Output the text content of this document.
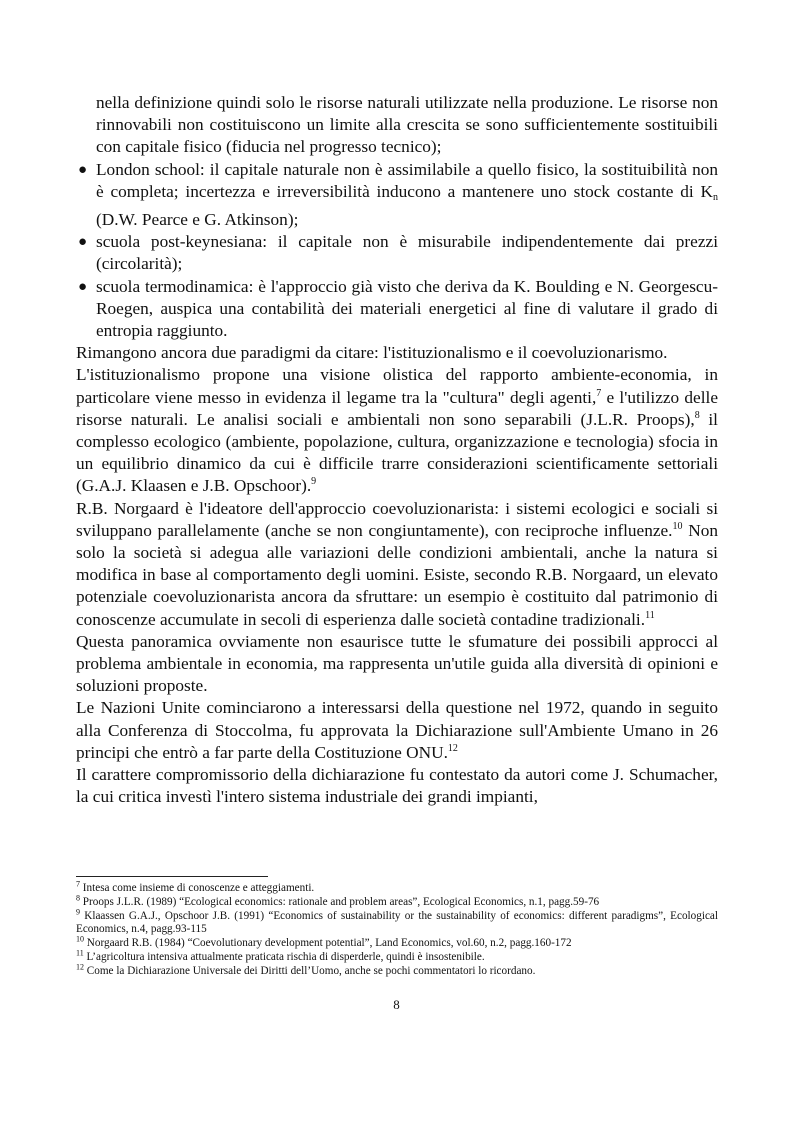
nella definizione quindi solo le risorse naturali utilizzate nella produzione. Le risorse non rinnovabili non costituiscono un limite alla crescita se sono sufficientemente sostituibili con capitale fisico (fiducia nel progresso tecnico);
● London school: il capitale naturale non è assimilabile a quello fisico, la sostituibilità non è completa; incertezza e irreversibilità inducono a mantenere uno stock costante di $K_n$ (D.W. Pearce e G. Atkinson);
● scuola post-keynesiana: il capitale non è misurabile indipendentemente dai prezzi (circolarità);
● scuola termodinamica: è l'approccio già visto che deriva da K. Boulding e N. Georgescu-Roegen, auspica una contabilità dei materiali energetici al fine di valutare il grado di entropia raggiunto.

Rimangono ancora due paradigmi da citare: l'istituzionalismo e il coevoluzionarismo.

L'istituzionalismo propone una visione olistica del rapporto ambiente-economia, in particolare viene messo in evidenza il legame tra la "cultura" degli agenti,$^7$ e l'utilizzo delle risorse naturali. Le analisi sociali e ambientali non sono separabili (J.L.R. Proops),$^8$ il complesso ecologico (ambiente, popolazione, cultura, organizzazione e tecnologia) sfocia in un equilibrio dinamico da cui è difficile trarre considerazioni scientificamente settoriali (G.A.J. Klaasen e J.B. Opschoor).$^9$

R.B. Norgaard è l'ideatore dell'approccio coevoluzionarista: i sistemi ecologici e sociali si sviluppano parallelamente (anche se non congiuntamente), con reciproche influenze.$^{10}$ Non solo la società si adegua alle variazioni delle condizioni ambientali, anche la natura si modifica in base al comportamento degli uomini. Esiste, secondo R.B. Norgaard, un elevato potenziale coevoluzionarista ancora da sfruttare: un esempio è costituito dal patrimonio di conoscenze accumulate in secoli di esperienza dalle società contadine tradizionali.$^{11}$

Questa panoramica ovviamente non esaurisce tutte le sfumature dei possibili approcci al problema ambientale in economia, ma rappresenta un'utile guida alla diversità di opinioni e soluzioni proposte.

Le Nazioni Unite cominciarono a interessarsi della questione nel 1972, quando in seguito alla Conferenza di Stoccolma, fu approvata la Dichiarazione sull'Ambiente Umano in 26 principi che entrò a far parte della Costituzione ONU.$^{12}$

Il carattere compromissorio della dichiarazione fu contestato da autori come J. Schumacher, la cui critica investì l'intero sistema industriale dei grandi impianti,

$^7$ Intesa come insieme di conoscenze e atteggiamenti.

$^8$ Proops J.L.R. (1989) “Ecological economics: rationale and problem areas”, Ecological Economics, n.1, pagg.59-76

$^9$ Klaassen G.A.J., Opschoor J.B. (1991) “Economics of sustainability or the sustainability of economics: different paradigms”, Ecological Economics, n.4, pagg.93-115

$^{10}$ Norgaard R.B. (1984) “Coevolutionary development potential”, Land Economics, vol.60, n.2, pagg.160-172

$^{11}$ L’agricoltura intensiva attualmente praticata rischia di disperderle, quindi è insostenibile.

$^{12}$ Come la Dichiarazione Universale dei Diritti dell’Uomo, anche se pochi commentatori lo ricordano.

8
